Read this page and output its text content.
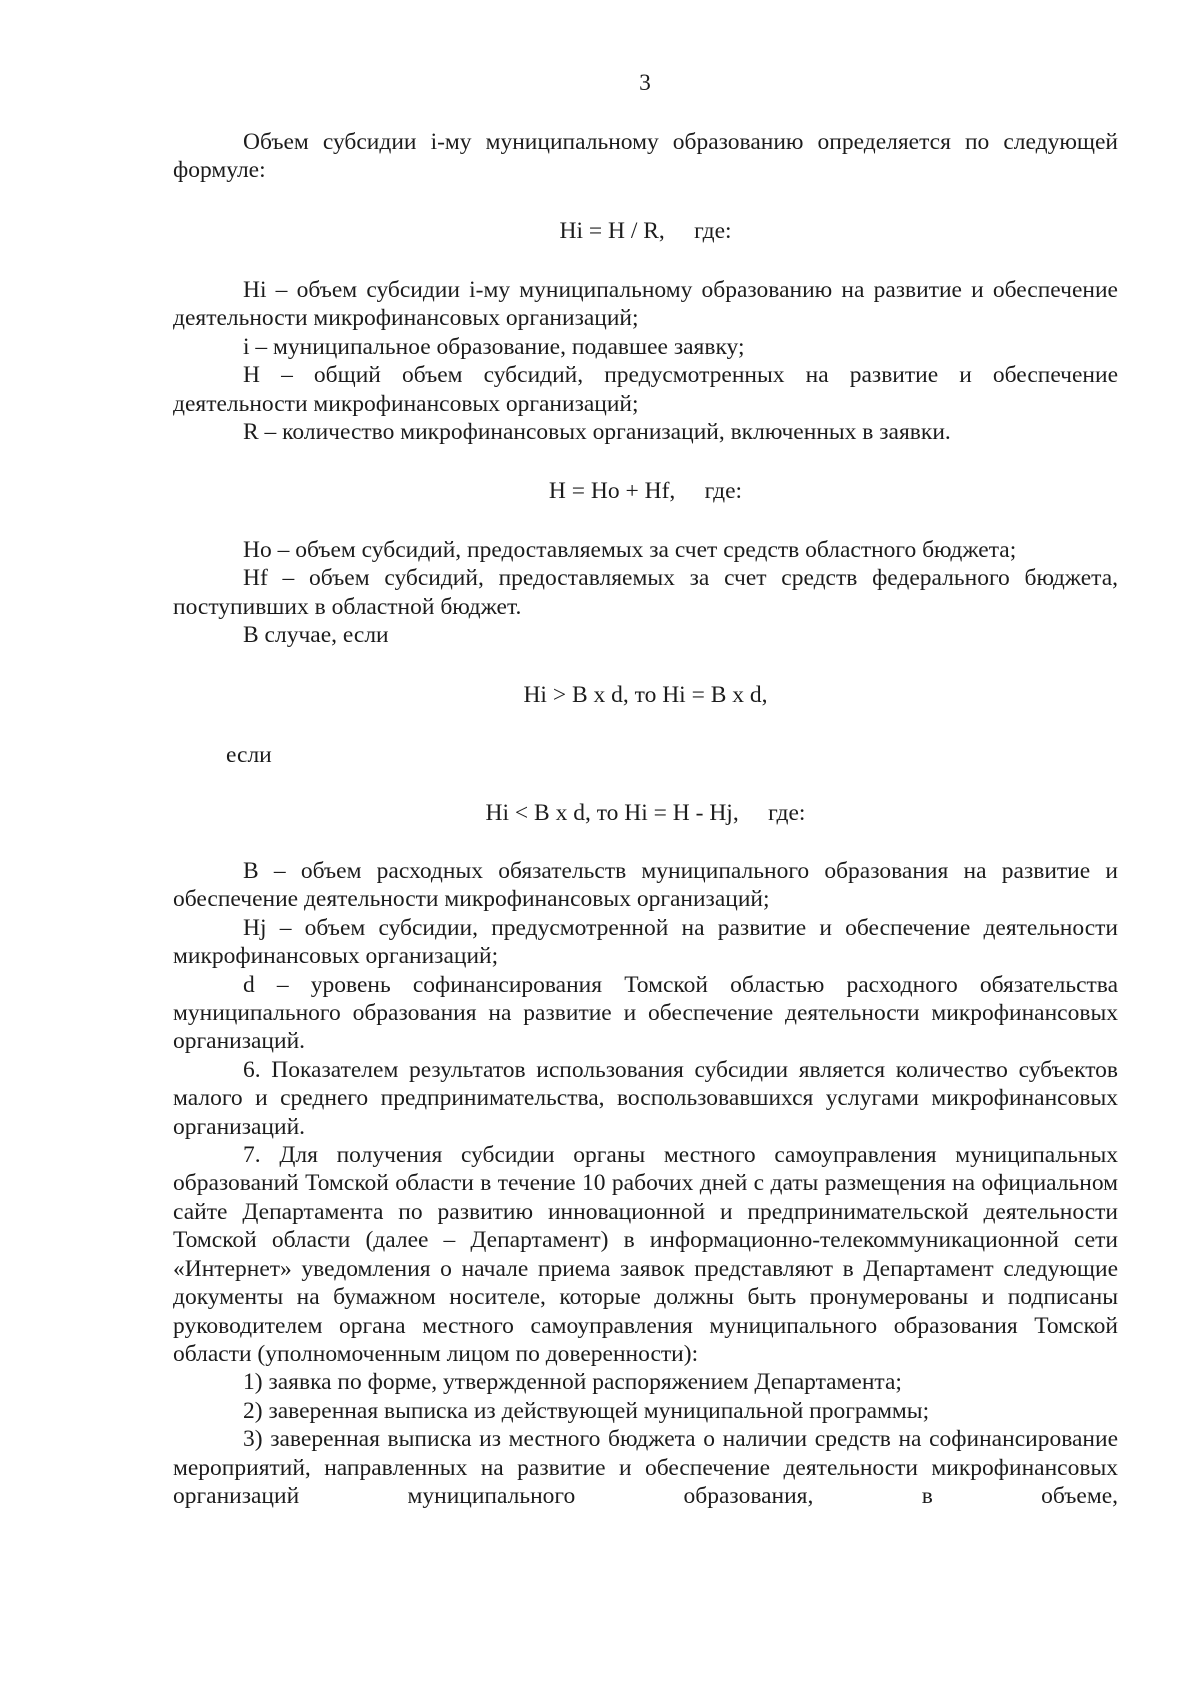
3

Объем субсидии i-му муниципальному образованию определяется по следующей формуле:

Hi = H / R,     где:

Hi – объем субсидии i-му муниципальному образованию на развитие и обеспечение деятельности микрофинансовых организаций;

i – муниципальное образование, подавшее заявку;

H – общий объем субсидий, предусмотренных на развитие и обеспечение деятельности микрофинансовых организаций;

R – количество микрофинансовых организаций, включенных в заявки.

H = Ho + Hf,     где:

Ho – объем субсидий, предоставляемых за счет средств областного бюджета;

Hf – объем субсидий, предоставляемых за счет средств федерального бюджета, поступивших в областной бюджет.

В случае, если

Hi > B x d, то Hi = B x d,
если
Hi < B x d, то Hi = H - Hj,     где:

B – объем расходных обязательств муниципального образования на развитие и обеспечение деятельности микрофинансовых организаций;

Hj – объем субсидии, предусмотренной на развитие и обеспечение деятельности микрофинансовых организаций;

d – уровень софинансирования Томской областью расходного обязательства муниципального образования на развитие и обеспечение деятельности микрофинансовых организаций.

6. Показателем результатов использования субсидии является количество субъектов малого и среднего предпринимательства, воспользовавшихся услугами микрофинансовых организаций.

7. Для получения субсидии органы местного самоуправления муниципальных образований Томской области в течение 10 рабочих дней с даты размещения на официальном сайте Департамента по развитию инновационной и предпринимательской деятельности Томской области (далее – Департамент) в информационно-телекоммуникационной сети «Интернет» уведомления о начале приема заявок представляют в Департамент следующие документы на бумажном носителе, которые должны быть пронумерованы и подписаны руководителем органа местного самоуправления муниципального образования Томской области (уполномоченным лицом по доверенности):

1) заявка по форме, утвержденной распоряжением Департамента;

2) заверенная выписка из действующей муниципальной программы;

3) заверенная выписка из местного бюджета о наличии средств на софинансирование мероприятий, направленных на развитие и обеспечение деятельности микрофинансовых организаций муниципального образования, в объеме,
